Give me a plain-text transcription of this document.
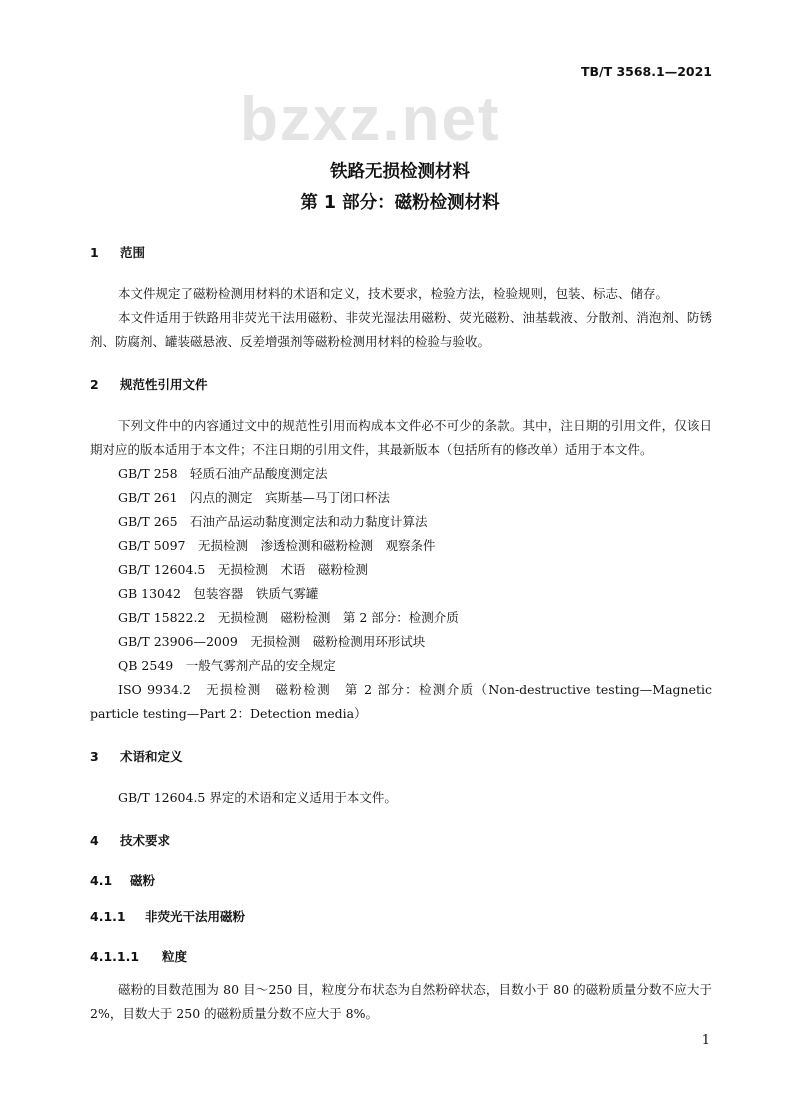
bzxz.net
TB/T 3568.1—2021
铁路无损检测材料
第 1 部分：磁粉检测材料
1 范围
本文件规定了磁粉检测用材料的术语和定义，技术要求，检验方法，检验规则，包装、标志、储存。
本文件适用于铁路用非荧光干法用磁粉、非荧光湿法用磁粉、荧光磁粉、油基载液、分散剂、消泡剂、防锈剂、防腐剂、罐装磁悬液、反差增强剂等磁粉检测用材料的检验与验收。
2 规范性引用文件
下列文件中的内容通过文中的规范性引用而构成本文件必不可少的条款。其中，注日期的引用文件，仅该日期对应的版本适用于本文件；不注日期的引用文件，其最新版本（包括所有的修改单）适用于本文件。
GB/T 258　轻质石油产品酸度测定法
GB/T 261　闪点的测定　宾斯基—马丁闭口杯法
GB/T 265　石油产品运动黏度测定法和动力黏度计算法
GB/T 5097　无损检测　渗透检测和磁粉检测　观察条件
GB/T 12604.5　无损检测　术语　磁粉检测
GB 13042　包装容器　铁质气雾罐
GB/T 15822.2　无损检测　磁粉检测　第 2 部分：检测介质
GB/T 23906—2009　无损检测　磁粉检测用环形试块
QB 2549　一般气雾剂产品的安全规定
ISO 9934.2　无损检测　磁粉检测　第 2 部分：检测介质（Non-destructive testing—Magnetic particle testing—Part 2：Detection media）
3 术语和定义
GB/T 12604.5 界定的术语和定义适用于本文件。
4 技术要求
4.1 磁粉
4.1.1 非荧光干法用磁粉
4.1.1.1 粒度
磁粉的目数范围为 80 目～250 目，粒度分布状态为自然粉碎状态，目数小于 80 的磁粉质量分数不应大于 2%，目数大于 250 的磁粉质量分数不应大于 8%。
1
